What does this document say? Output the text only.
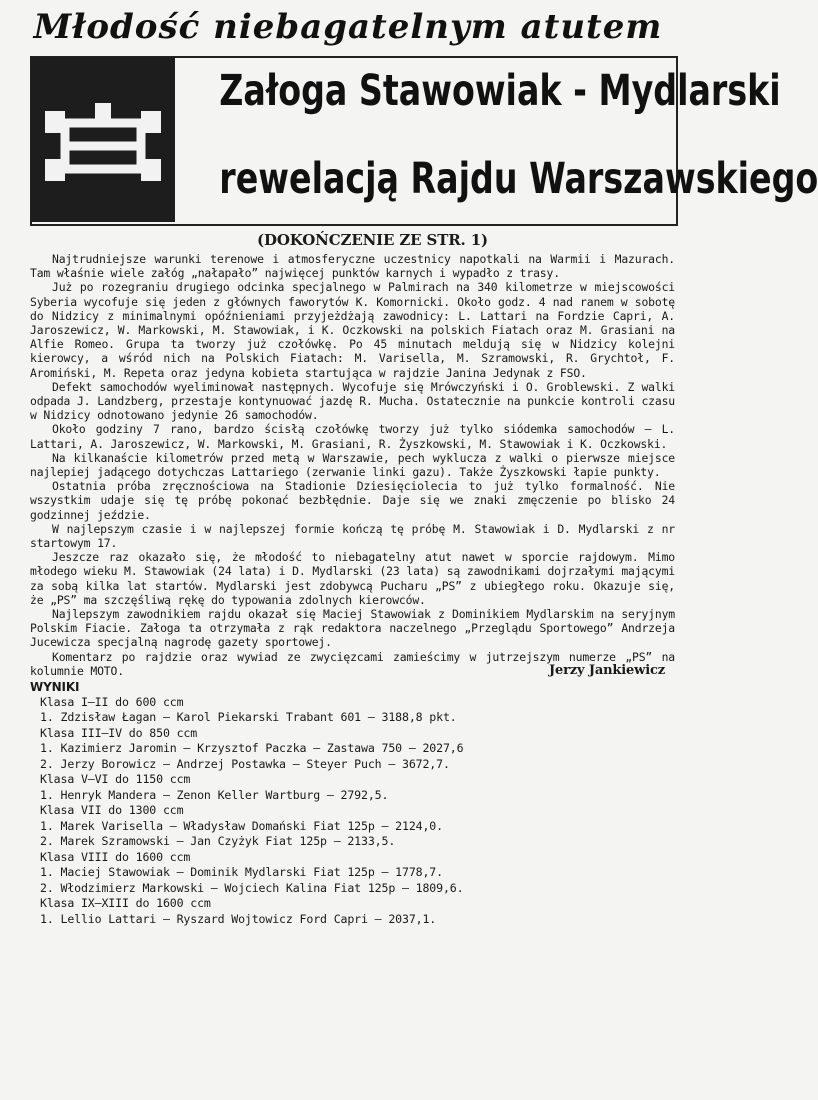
Młodość niebagatelnym atutem
Załoga Stawowiak - Mydlarski
rewelacją Rajdu Warszawskiego
(DOKOŃCZENIE ZE STR. 1)

Najtrudniejsze warunki terenowe i atmosferyczne uczestnicy napotkali na Warmii i Mazurach. Tam właśnie wiele załóg „nałapało” najwięcej punktów karnych i wypadło z trasy.

Już po rozegraniu drugiego odcinka specjalnego w Palmirach na 340 kilometrze w miejscowości Syberia wycofuje się jeden z głównych faworytów K. Komornicki. Około godz. 4 nad ranem w sobotę do Nidzicy z minimalnymi opóźnieniami przyjeżdżają zawodnicy: L. Lattari na Fordzie Capri, A. Jaroszewicz, W. Markowski, M. Stawowiak, i K. Oczkowski na polskich Fiatach oraz M. Grasiani na Alfie Romeo. Grupa ta tworzy już czołówkę. Po 45 minutach meldują się w Nidzicy kolejni kierowcy, a wśród nich na Polskich Fiatach: M. Varisella, M. Szramowski, R. Grychtoł, F. Aromiński, M. Repeta oraz jedyna kobieta startująca w rajdzie Janina Jedynak z FSO.

Defekt samochodów wyeliminował następnych. Wycofuje się Mrówczyński i O. Groblewski. Z walki odpada J. Landzberg, przestaje kontynuować jazdę R. Mucha. Ostatecznie na punkcie kontroli czasu w Nidzicy odnotowano jedynie 26 samochodów.

Około godziny 7 rano, bardzo ścisłą czołówkę tworzy już tylko siódemka samochodów — L. Lattari, A. Jaroszewicz, W. Markowski, M. Grasiani, R. Żyszkowski, M. Stawowiak i K. Oczkowski.

Na kilkanaście kilometrów przed metą w Warszawie, pech wyklucza z walki o pierwsze miejsce najlepiej jadącego dotychczas Lattariego (zerwanie linki gazu). Także Żyszkowski łapie punkty.

Ostatnia próba zręcznościowa na Stadionie Dziesięciolecia to już tylko formalność. Nie wszystkim udaje się tę próbę pokonać bezbłędnie. Daje się we znaki zmęczenie po blisko 24 godzinnej jeździe.

W najlepszym czasie i w najlepszej formie kończą tę próbę M. Stawowiak i D. Mydlarski z nr startowym 17.

Jeszcze raz okazało się, że młodość to niebagatelny atut nawet w sporcie rajdowym. Mimo młodego wieku M. Stawowiak (24 lata) i D. Mydlarski (23 lata) są zawodnikami dojrzałymi mającymi za sobą kilka lat startów. Mydlarski jest zdobywcą Pucharu „PS” z ubiegłego roku. Okazuje się, że „PS” ma szczęśliwą rękę do typowania zdolnych kierowców.

Najlepszym zawodnikiem rajdu okazał się Maciej Stawowiak z Dominikiem Mydlarskim na seryjnym Polskim Fiacie. Załoga ta otrzymała z rąk redaktora naczelnego „Przeglądu Sportowego” Andrzeja Jucewicza specjalną nagrodę gazety sportowej.

Komentarz po rajdzie oraz wywiad ze zwycięzcami zamieścimy w jutrzejszym numerze „PS” na kolumnie MOTO.	Jerzy Jankiewicz
WYNIKI
Klasa I—II do 600 ccm
1. Zdzisław Łagan — Karol Piekarski Trabant 601 — 3188,8 pkt.
Klasa III—IV do 850 ccm
1. Kazimierz Jaromin — Krzysztof Paczka — Zastawa 750 — 2027,6
2. Jerzy Borowicz — Andrzej Postawka — Steyer Puch — 3672,7.
Klasa V—VI do 1150 ccm
1. Henryk Mandera — Zenon Keller Wartburg — 2792,5.
Klasa VII do 1300 ccm
1. Marek Varisella — Władysław Domański Fiat 125p — 2124,0.
2. Marek Szramowski — Jan Czyżyk Fiat 125p — 2133,5.
Klasa VIII do 1600 ccm
1. Maciej Stawowiak — Dominik Mydlarski Fiat 125p — 1778,7.
2. Włodzimierz Markowski — Wojciech Kalina Fiat 125p — 1809,6.
Klasa IX—XIII do 1600 ccm
1. Lellio Lattari — Ryszard Wojtowicz Ford Capri — 2037,1.
